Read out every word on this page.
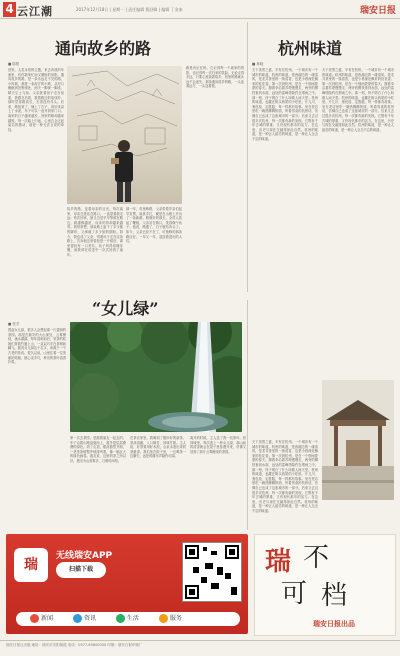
4 云江潮	2017年12月18日 | 星期一 | 责任编辑 曹舒卿 | 编辑 丁金泰	瑞安日报
通向故乡的路
■ 陈阳
回家，人类永恒的主题。来去奔波的车流里，有你我匆忙而又期盼的身影。通向故乡的路，是一条永远走不完的路。小时候，那是一条泥泞的小路，从村口蜿蜒到田野深处，雨天一脚深一脚浅，晴天尘土飞扬。父亲挑着担子走在前面，我跟在后面，数着路边的电线杆。那时觉得路真长，长得没有尽头。后来，路拓宽了，铺上了石子，再后来浇上了水泥，车子可以一直开到家门口。离家的日子越来越长，回家的路却越来越短。每一次踏上归途，心里总会泛起莫名的激动，那是一种无法言说的牵挂。
故乡的路，连着母亲的目光。每次离家，母亲总是站在路口，一直望着我走远；每次回家，她又总是早早等候在路边。路越修越宽，母亲的背却越来越弯。我常常想，那条路上留下了多少她的脚印，又承载了多少她的期盼。如今，我也成了父亲，带着孩子走在这条路上，告诉他这里曾经是一片稻田，那里曾经有一口老井。孩子听得似懂非懂，而我却在讲述中一次次回到了童年。
那一年，村里修路，父亲带着乡亲们起早贪黑，肩挑手扛，硬是在山坡上开出了一条新路。路修好的那天，全村人放起了鞭炮，父亲站在路口，笑得像个孩子。他说，路通了，日子就有奔头了。如今，父亲已经不在了，可他修的那条路还在，一年又一年，迎送着进出的人们。
路是有记忆的。它记得每一个离家的背影，也记得每一次归来的笑脸。无论走得多远，只要心里装着故乡，回家的路就永远不会迷失。那条通向故乡的路，一头连着远方，一头连着根。
杭州味道
■ 林晓
天下美景之盛，半有在杭州。一个城市有一个城市的味道。杭州的味道，是西湖边的一缕清风，是龙井茶里的一抹清香，也是小巷深处飘来的桂花香。第一次到杭州，是在一个细雨蒙蒙的春天。撑着伞沿着苏堤慢慢走，两旁的柳枝垂到水面，远处的雷峰塔隐约在烟雨之中。那一刻，终于明白了什么叫做人间天堂。杭州的味道，也藏在街头巷尾的小吃里。片儿川、葱包桧、定胜糕，每一样都有故事。坐在老店里吃一碗热腾腾的面，听着邻桌的杭州话，仿佛自己也成了这座城市的一部分。后来又去过很多次杭州，每一次都有新的发现。它既有千年古城的厚重，又有现代都市的活力。在这里，历史与现在交融得如此自然。杭州的味道，是一种让人留恋的味道，是一种让人念念不忘的味道。
天下美景之盛，半有在杭州。一个城市有一个城市的味道。杭州的味道，是西湖边的一缕清风，是龙井茶里的一抹清香，也是小巷深处飘来的桂花香。第一次到杭州，是在一个细雨蒙蒙的春天。撑着伞沿着苏堤慢慢走，两旁的柳枝垂到水面，远处的雷峰塔隐约在烟雨之中。那一刻，终于明白了什么叫做人间天堂。杭州的味道，也藏在街头巷尾的小吃里。片儿川、葱包桧、定胜糕，每一样都有故事。坐在老店里吃一碗热腾腾的面，听着邻桌的杭州话，仿佛自己也成了这座城市的一部分。后来又去过很多次杭州，每一次都有新的发现。它既有千年古城的厚重，又有现代都市的活力。在这里，历史与现在交融得如此自然。杭州的味道，是一种让人留恋的味道，是一种让人念念不忘的味道。
“女儿绿”
■ 张芳
提起女儿绿，很多人会想起那一片碧绿的茶园。那是在瑞安的大山深处，云雾缭绕，溪水潺潺。每年清明前后，采茶的姑娘们背着竹篓上山，一双双巧手在茶树间翻飞。据说女儿绿这个名字，来源于一个古老的传说。很久以前，山里住着一位美丽的姑娘，她心灵手巧，种出的茶叶清香扑鼻。
第一次去茶园，是跟着朋友一起去的。车子沿着山路盘旋而上，窗外是层层叠叠的绿色。到了山顶，眼前豁然开朗，一垄垄茶树整齐地排列着，像一幅巨大的绿色画卷。朋友说，这里的茶之所以好，是因为山高雾多，日照时间短。
在茶农家里，我喝到了刚炒好的新茶。茶汤清澈，入口微苦，回味甘甜。主人说，好茶要用好水泡，山泉水泡出来的茶最香。我们坐在院子里，一边喝茶一边聊天，远处的瀑布声隐约可闻。
离开的时候，主人送了我一包茶叶。回到城里，每次泡上一杯女儿绿，那山间的清香就会在屋子里弥漫开来，仿佛又回到了那片云雾缭绕的茶园。
天下美景之盛，半有在杭州。一个城市有一个城市的味道。杭州的味道，是西湖边的一缕清风，是龙井茶里的一抹清香，也是小巷深处飘来的桂花香。第一次到杭州，是在一个细雨蒙蒙的春天。撑着伞沿着苏堤慢慢走，两旁的柳枝垂到水面，远处的雷峰塔隐约在烟雨之中。那一刻，终于明白了什么叫做人间天堂。杭州的味道，也藏在街头巷尾的小吃里。片儿川、葱包桧、定胜糕，每一样都有故事。坐在老店里吃一碗热腾腾的面，听着邻桌的杭州话，仿佛自己也成了这座城市的一部分。后来又去过很多次杭州，每一次都有新的发现。它既有千年古城的厚重，又有现代都市的活力。在这里，历史与现在交融得如此自然。杭州的味道，是一种让人留恋的味道，是一种让人念念不忘的味道。
瑞
无线瑞安APP
扫描下载
新闻	资讯	生活	服务
瑞 不
可 档
瑞安日报出品
瑞安日报社出版 地址：瑞安市安阳街道 电话：0577-65800000 印刷：瑞安日报印刷厂
